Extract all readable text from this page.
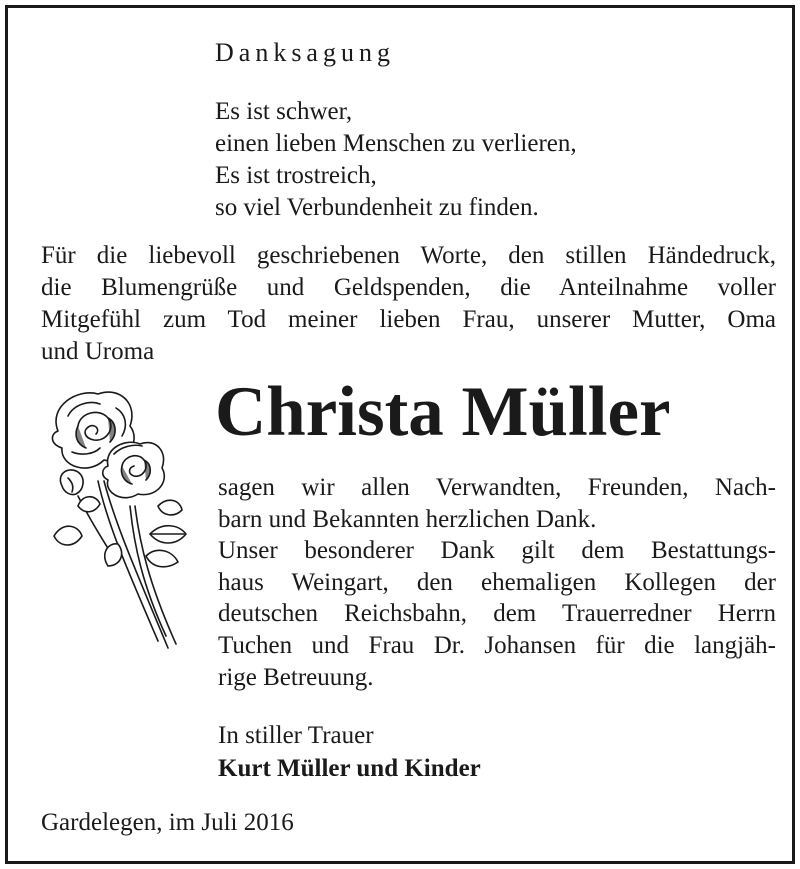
Danksagung
Es ist schwer,
einen lieben Menschen zu verlieren,
Es ist trostreich,
so viel Verbundenheit zu finden.
Für die liebevoll geschriebenen Worte, den stillen Händedruck,
die Blumengrüße und Geldspenden, die Anteilnahme voller
Mitgefühl zum Tod meiner lieben Frau, unserer Mutter, Oma
und Uroma
Christa Müller
sagen wir allen Verwandten, Freunden, Nach-
barn und Bekannten herzlichen Dank.
Unser besonderer Dank gilt dem Bestattungs-
haus Weingart, den ehemaligen Kollegen der
deutschen Reichsbahn, dem Trauerredner Herrn
Tuchen und Frau Dr. Johansen für die langjäh-
rige Betreuung.
In stiller Trauer
Kurt Müller und Kinder
Gardelegen, im Juli 2016
